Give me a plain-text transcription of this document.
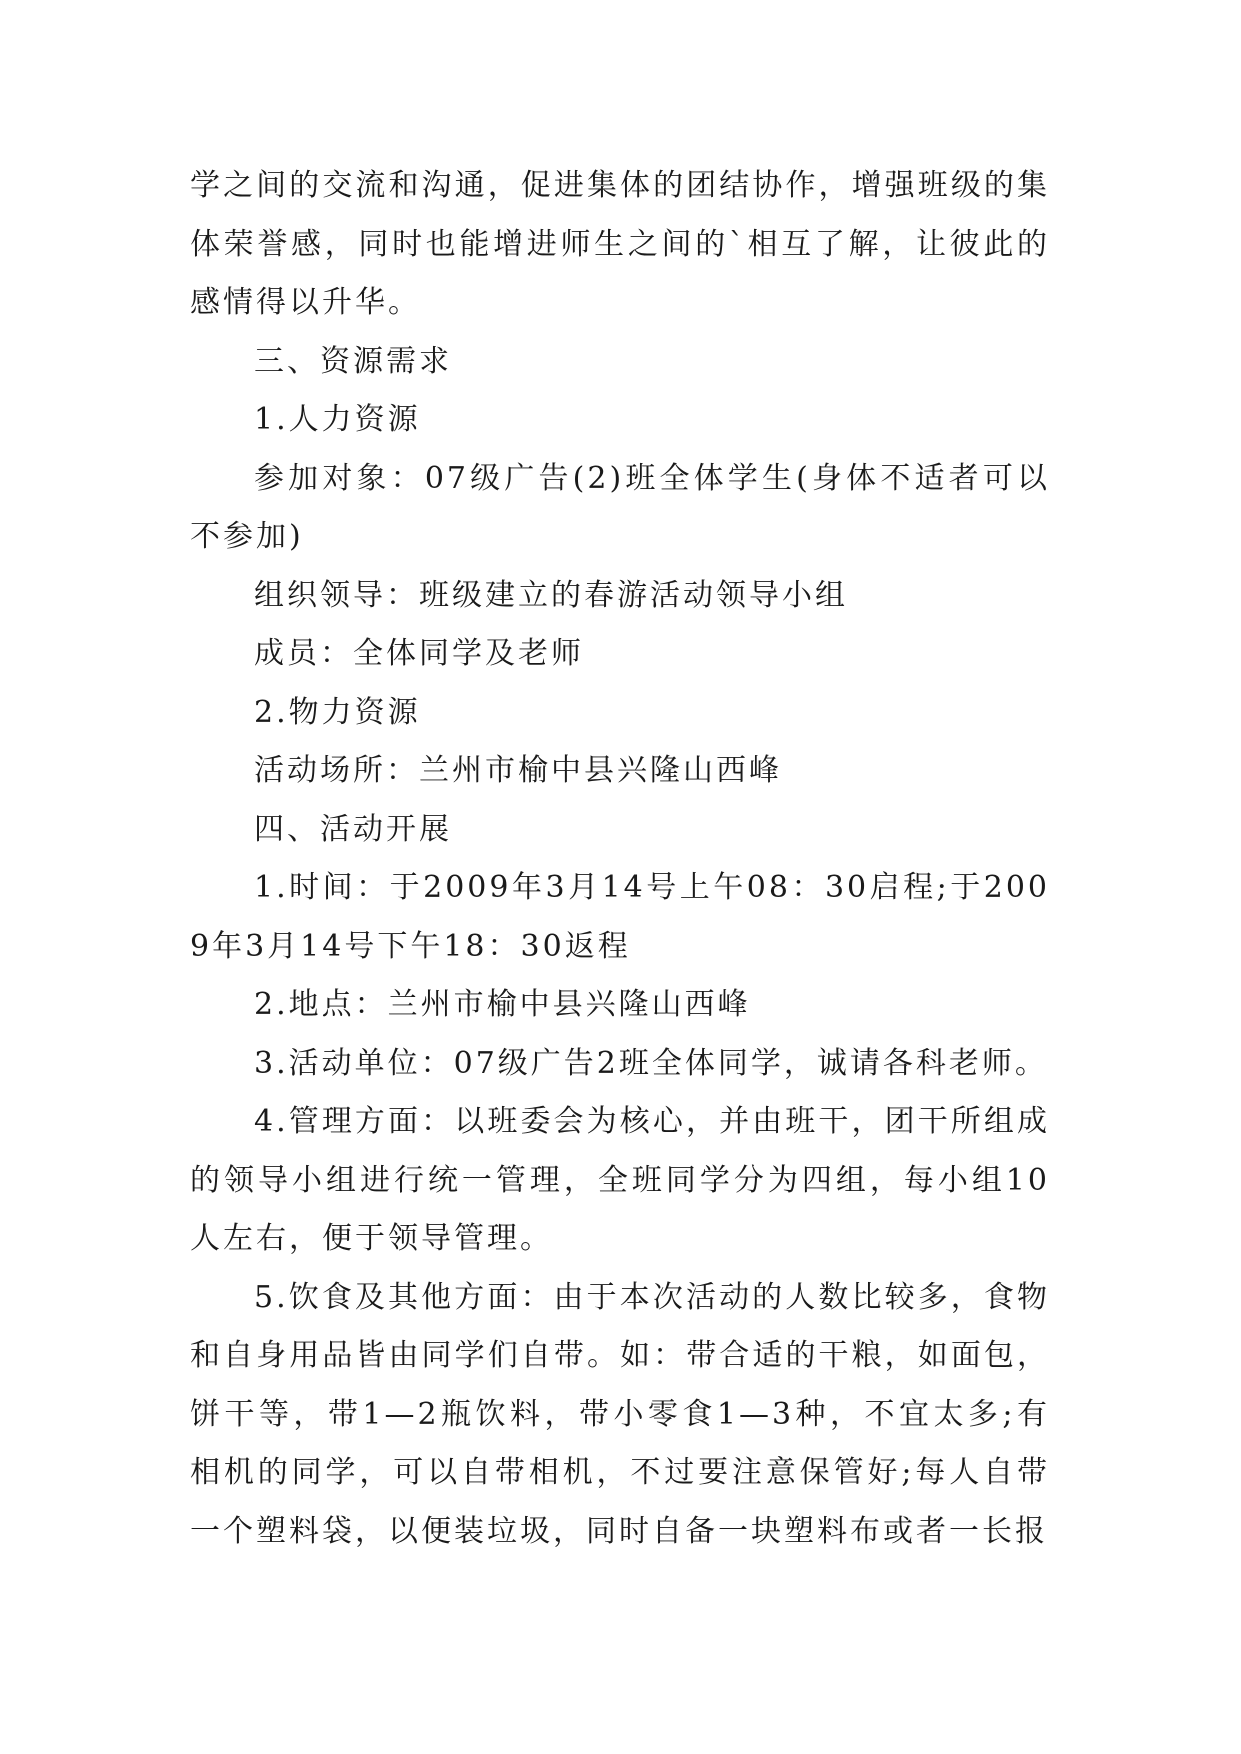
学之间的交流和沟通，促进集体的团结协作，增强班级的集体荣誉感，同时也能增进师生之间的`相互了解，让彼此的感情得以升华。

三、资源需求

1.人力资源

参加对象：07级广告(2)班全体学生(身体不适者可以不参加)

组织领导：班级建立的春游活动领导小组

成员：全体同学及老师

2.物力资源

活动场所：兰州市榆中县兴隆山西峰

四、活动开展

1.时间：于2009年3月14号上午08：30启程;于2009年3月14号下午18：30返程

2.地点：兰州市榆中县兴隆山西峰

3.活动单位：07级广告2班全体同学，诚请各科老师。

4.管理方面：以班委会为核心，并由班干，团干所组成的领导小组进行统一管理，全班同学分为四组，每小组10人左右，便于领导管理。

5.饮食及其他方面：由于本次活动的人数比较多，食物和自身用品皆由同学们自带。如：带合适的干粮，如面包，饼干等，带1—2瓶饮料，带小零食1—3种，不宜太多;有相机的同学，可以自带相机，不过要注意保管好;每人自带一个塑料袋，以便装垃圾，同时自备一块塑料布或者一长报
